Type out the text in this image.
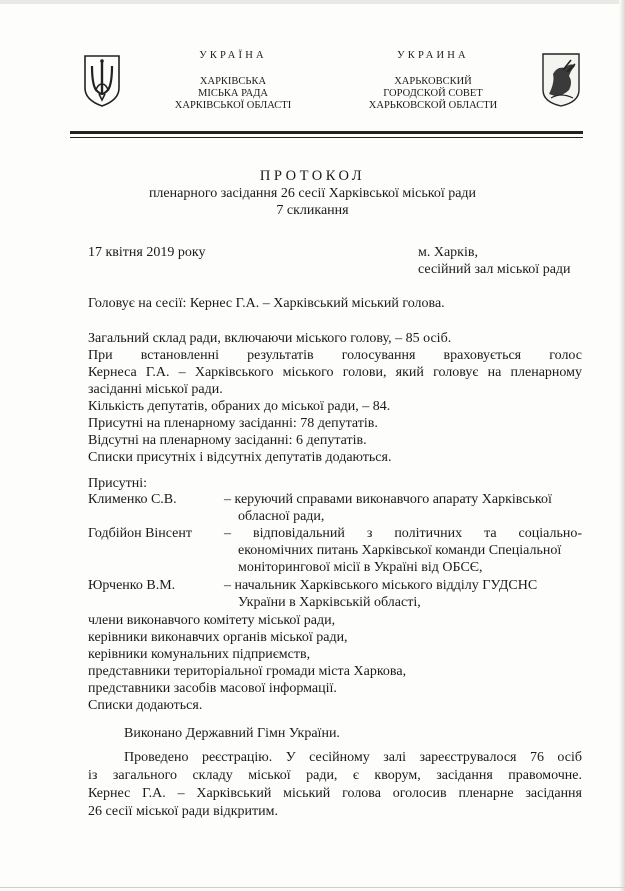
УКРАЇНА
ХАРКІВСЬКА
МІСЬКА РАДА
ХАРКІВСЬКОЇ ОБЛАСТІ
УКРАИНА
ХАРЬКОВСКИЙ
ГОРОДСКОЙ СОВЕТ
ХАРЬКОВСКОЙ ОБЛАСТИ
ПРОТОКОЛ
пленарного засідання 26 сесії Харківської міської ради
7 скликання
17 квітня 2019 року	м. Харків,
сесійний зал міської ради
Головує на сесії: Кернес Г.А. – Харківський міський голова.
Загальний склад ради, включаючи міського голову, – 85 осіб.
При встановленні результатів голосування враховується голос
Кернеса Г.А. – Харківського міського голови, який головує на пленарному
засіданні міської ради.
Кількість депутатів, обраних до міської ради, – 84.
Присутні на пленарному засіданні: 78 депутатів.
Відсутні на пленарному засіданні: 6 депутатів.
Списки присутніх і відсутніх депутатів додаються.
Присутні:
Клименко С.В.	– керуючий справами виконавчого апарату Харківської
обласної ради,
Годбійон Вінсент – відповідальний з політичних та соціально-
економічних питань Харківської команди Спеціальної
моніторингової місії в Україні від ОБСЄ,
Юрченко В.М.	– начальник Харківського міського відділу ГУДСНС
України в Харківській області,
члени виконавчого комітету міської ради,
керівники виконавчих органів міської ради,
керівники комунальних підприємств,
представники територіальної громади міста Харкова,
представники засобів масової інформації.
Списки додаються.
Виконано Державний Гімн України.
Проведено реєстрацію. У сесійному залі зареєструвалося 76 осіб
із загального складу міської ради, є кворум, засідання правомочне.
Кернес Г.А. – Харківський міський голова оголосив пленарне засідання
26 сесії міської ради відкритим.
